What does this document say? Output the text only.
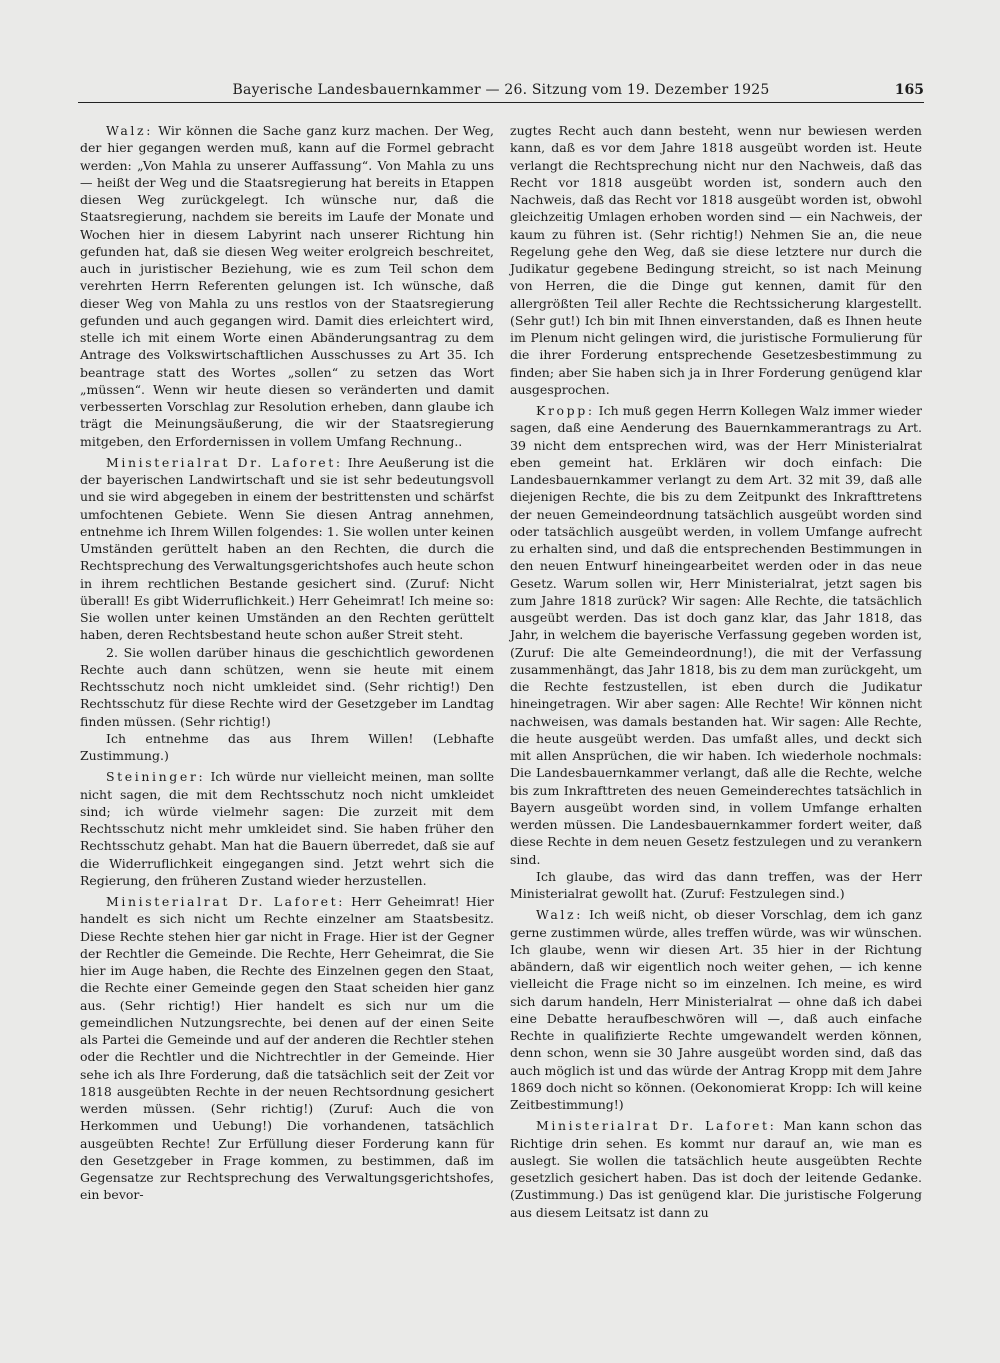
Bayerische Landesbauernkammer — 26. Sitzung vom 19. Dezember 1925	165

Walz: Wir können die Sache ganz kurz machen. Der Weg, der hier gegangen werden muß, kann auf die Formel gebracht werden: „Von Mahla zu unserer Auffassung“. Von Mahla zu uns — heißt der Weg und die Staatsregierung hat bereits in Etappen diesen Weg zurückgelegt. Ich wünsche nur, daß die Staatsregierung, nachdem sie bereits im Laufe der Monate und Wochen hier in diesem Labyrint nach unserer Richtung hin gefunden hat, daß sie diesen Weg weiter erolgreich beschreitet, auch in juristischer Beziehung, wie es zum Teil schon dem verehrten Herrn Referenten gelungen ist. Ich wünsche, daß dieser Weg von Mahla zu uns restlos von der Staatsregierung gefunden und auch gegangen wird. Damit dies erleichtert wird, stelle ich mit einem Worte einen Abänderungsantrag zu dem Antrage des Volkswirtschaftlichen Ausschusses zu Art 35. Ich beantrage statt des Wortes „sollen“ zu setzen das Wort „müssen“. Wenn wir heute diesen so veränderten und damit verbesserten Vorschlag zur Resolution erheben, dann glaube ich trägt die Meinungsäußerung, die wir der Staatsregierung mitgeben, den Erfordernissen in vollem Umfang Rechnung..

Ministerialrat Dr. Laforet: Ihre Aeußerung ist die der bayerischen Landwirtschaft und sie ist sehr bedeutungsvoll und sie wird abgegeben in einem der bestrittensten und schärfst umfochtenen Gebiete. Wenn Sie diesen Antrag annehmen, entnehme ich Ihrem Willen folgendes: 1. Sie wollen unter keinen Umständen gerüttelt haben an den Rechten, die durch die Rechtsprechung des Verwaltungsgerichtshofes auch heute schon in ihrem rechtlichen Bestande gesichert sind. (Zuruf: Nicht überall! Es gibt Widerruflichkeit.) Herr Geheimrat! Ich meine so: Sie wollen unter keinen Umständen an den Rechten gerüttelt haben, deren Rechtsbestand heute schon außer Streit steht.

2. Sie wollen darüber hinaus die geschichtlich gewordenen Rechte auch dann schützen, wenn sie heute mit einem Rechtsschutz noch nicht umkleidet sind. (Sehr richtig!) Den Rechtsschutz für diese Rechte wird der Gesetzgeber im Landtag finden müssen. (Sehr richtig!)

Ich entnehme das aus Ihrem Willen! (Lebhafte Zustimmung.)

Steininger: Ich würde nur vielleicht meinen, man sollte nicht sagen, die mit dem Rechtsschutz noch nicht umkleidet sind; ich würde vielmehr sagen: Die zurzeit mit dem Rechtsschutz nicht mehr umkleidet sind. Sie haben früher den Rechtsschutz gehabt. Man hat die Bauern überredet, daß sie auf die Widerruflichkeit eingegangen sind. Jetzt wehrt sich die Regierung, den früheren Zustand wieder herzustellen.

Ministerialrat Dr. Laforet: Herr Geheimrat! Hier handelt es sich nicht um Rechte einzelner am Staatsbesitz. Diese Rechte stehen hier gar nicht in Frage. Hier ist der Gegner der Rechtler die Gemeinde. Die Rechte, Herr Geheimrat, die Sie hier im Auge haben, die Rechte des Einzelnen gegen den Staat, die Rechte einer Gemeinde gegen den Staat scheiden hier ganz aus. (Sehr richtig!) Hier handelt es sich nur um die gemeindlichen Nutzungsrechte, bei denen auf der einen Seite als Partei die Gemeinde und auf der anderen die Rechtler stehen oder die Rechtler und die Nichtrechtler in der Gemeinde. Hier sehe ich als Ihre Forderung, daß die tatsächlich seit der Zeit vor 1818 ausgeübten Rechte in der neuen Rechtsordnung gesichert werden müssen. (Sehr richtig!) (Zuruf: Auch die von Herkommen und Uebung!) Die vorhandenen, tatsächlich ausgeübten Rechte! Zur Erfüllung dieser Forderung kann für den Gesetzgeber in Frage kommen, zu bestimmen, daß im Gegensatze zur Rechtsprechung des Verwaltungsgerichtshofes, ein bevor-

zugtes Recht auch dann besteht, wenn nur bewiesen werden kann, daß es vor dem Jahre 1818 ausgeübt worden ist. Heute verlangt die Rechtsprechung nicht nur den Nachweis, daß das Recht vor 1818 ausgeübt worden ist, sondern auch den Nachweis, daß das Recht vor 1818 ausgeübt worden ist, obwohl gleichzeitig Umlagen erhoben worden sind — ein Nachweis, der kaum zu führen ist. (Sehr richtig!) Nehmen Sie an, die neue Regelung gehe den Weg, daß sie diese letztere nur durch die Judikatur gegebene Bedingung streicht, so ist nach Meinung von Herren, die die Dinge gut kennen, damit für den allergrößten Teil aller Rechte die Rechtssicherung klargestellt. (Sehr gut!) Ich bin mit Ihnen einverstanden, daß es Ihnen heute im Plenum nicht gelingen wird, die juristische Formulierung für die ihrer Forderung entsprechende Gesetzesbestimmung zu finden; aber Sie haben sich ja in Ihrer Forderung genügend klar ausgesprochen.

Kropp: Ich muß gegen Herrn Kollegen Walz immer wieder sagen, daß eine Aenderung des Bauernkammerantrags zu Art. 39 nicht dem entsprechen wird, was der Herr Ministerialrat eben gemeint hat. Erklären wir doch einfach: Die Landesbauernkammer verlangt zu dem Art. 32 mit 39, daß alle diejenigen Rechte, die bis zu dem Zeitpunkt des Inkrafttretens der neuen Gemeindeordnung tatsächlich ausgeübt worden sind oder tatsächlich ausgeübt werden, in vollem Umfange aufrecht zu erhalten sind, und daß die entsprechenden Bestimmungen in den neuen Entwurf hineingearbeitet werden oder in das neue Gesetz. Warum sollen wir, Herr Ministerialrat, jetzt sagen bis zum Jahre 1818 zurück? Wir sagen: Alle Rechte, die tatsächlich ausgeübt werden. Das ist doch ganz klar, das Jahr 1818, das Jahr, in welchem die bayerische Verfassung gegeben worden ist, (Zuruf: Die alte Gemeindeordnung!), die mit der Verfassung zusammenhängt, das Jahr 1818, bis zu dem man zurückgeht, um die Rechte festzustellen, ist eben durch die Judikatur hineingetragen. Wir aber sagen: Alle Rechte! Wir können nicht nachweisen, was damals bestanden hat. Wir sagen: Alle Rechte, die heute ausgeübt werden. Das umfaßt alles, und deckt sich mit allen Ansprüchen, die wir haben. Ich wiederhole nochmals: Die Landesbauernkammer verlangt, daß alle die Rechte, welche bis zum Inkrafttreten des neuen Gemeinderechtes tatsächlich in Bayern ausgeübt worden sind, in vollem Umfange erhalten werden müssen. Die Landesbauernkammer fordert weiter, daß diese Rechte in dem neuen Gesetz festzulegen und zu verankern sind.

Ich glaube, das wird das dann treffen, was der Herr Ministerialrat gewollt hat. (Zuruf: Festzulegen sind.)

Walz: Ich weiß nicht, ob dieser Vorschlag, dem ich ganz gerne zustimmen würde, alles treffen würde, was wir wünschen. Ich glaube, wenn wir diesen Art. 35 hier in der Richtung abändern, daß wir eigentlich noch weiter gehen, — ich kenne vielleicht die Frage nicht so im einzelnen. Ich meine, es wird sich darum handeln, Herr Ministerialrat — ohne daß ich dabei eine Debatte heraufbeschwören will —, daß auch einfache Rechte in qualifizierte Rechte umgewandelt werden können, denn schon, wenn sie 30 Jahre ausgeübt worden sind, daß das auch möglich ist und das würde der Antrag Kropp mit dem Jahre 1869 doch nicht so können. (Oekonomierat Kropp: Ich will keine Zeitbestimmung!)

Ministerialrat Dr. Laforet: Man kann schon das Richtige drin sehen. Es kommt nur darauf an, wie man es auslegt. Sie wollen die tatsächlich heute ausgeübten Rechte gesetzlich gesichert haben. Das ist doch der leitende Gedanke. (Zustimmung.) Das ist genügend klar. Die juristische Folgerung aus diesem Leitsatz ist dann zu
